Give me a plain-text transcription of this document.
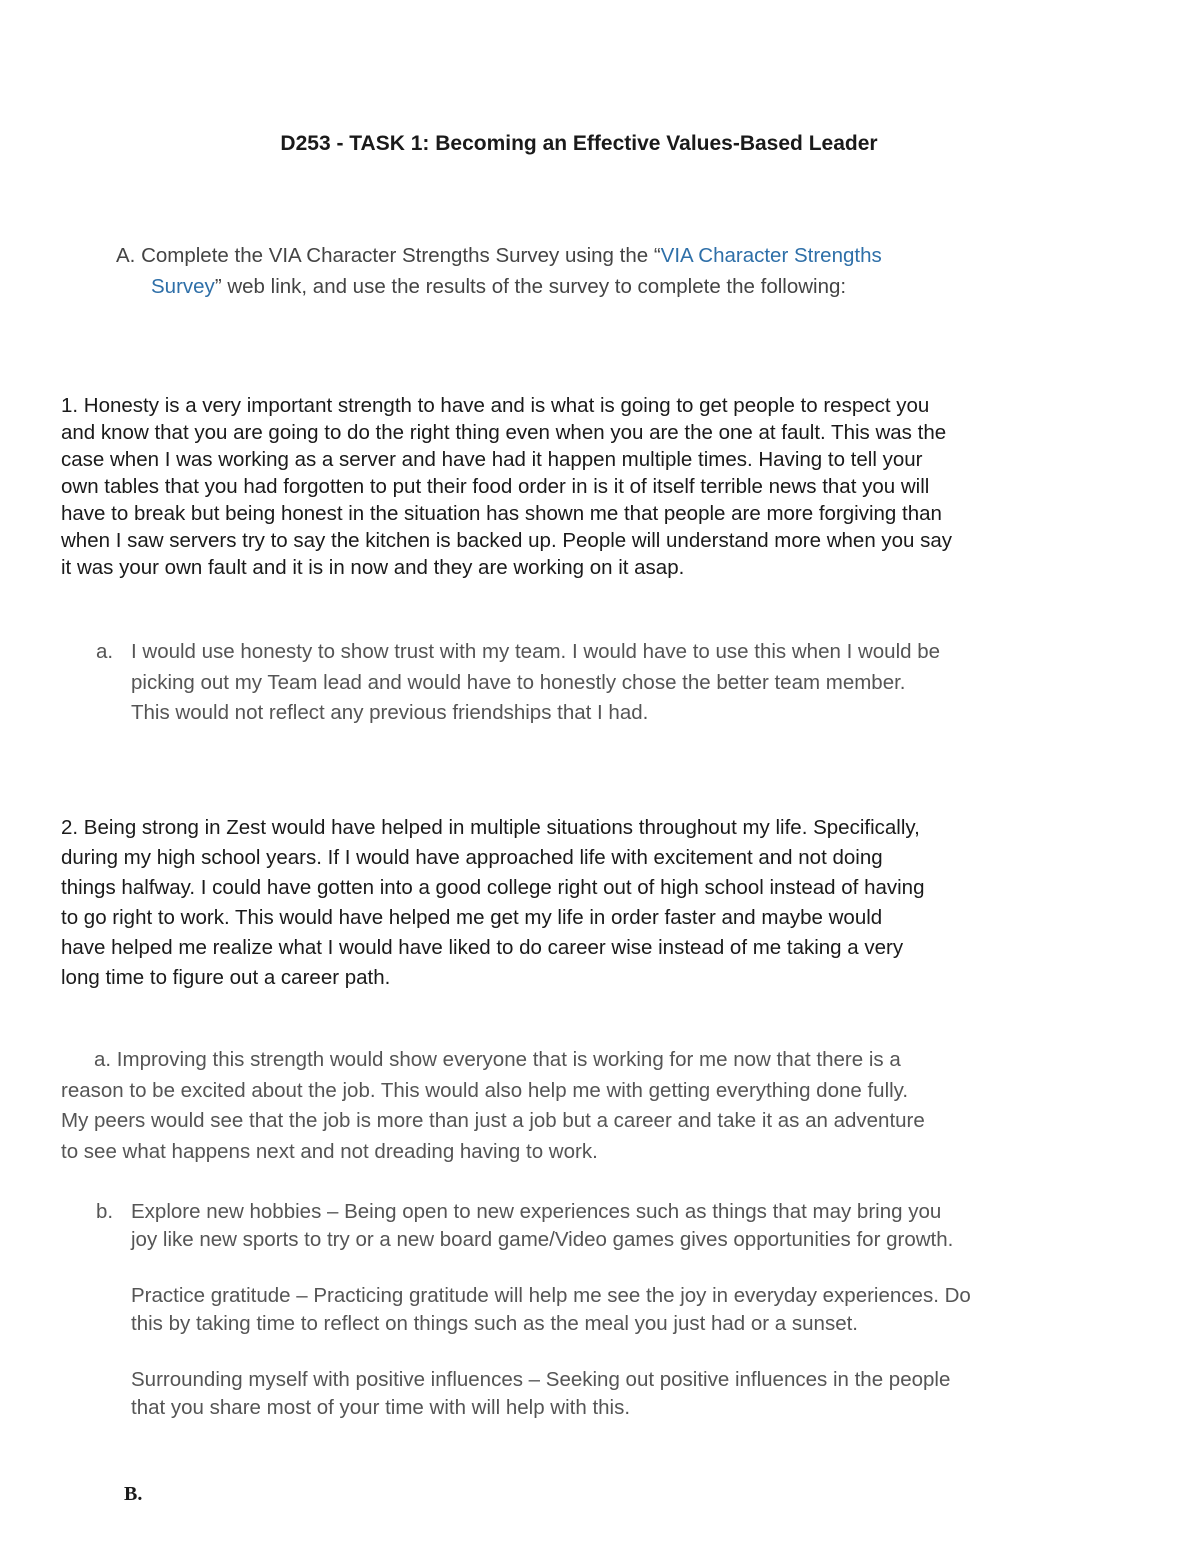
D253 - TASK 1: Becoming an Effective Values-Based Leader
A. Complete the VIA Character Strengths Survey using the “VIA Character Strengths
Survey” web link, and use the results of the survey to complete the following:
1. Honesty is a very important strength to have and is what is going to get people to respect you
and know that you are going to do the right thing even when you are the one at fault. This was the
case when I was working as a server and have had it happen multiple times. Having to tell your
own tables that you had forgotten to put their food order in is it of itself terrible news that you will
have to break but being honest in the situation has shown me that people are more forgiving than
when I saw servers try to say the kitchen is backed up. People will understand more when you say
it was your own fault and it is in now and they are working on it asap.
a. I would use honesty to show trust with my team. I would have to use this when I would be
picking out my Team lead and would have to honestly chose the better team member.
This would not reflect any previous friendships that I had.
2. Being strong in Zest would have helped in multiple situations throughout my life. Specifically,
during my high school years. If I would have approached life with excitement and not doing
things halfway. I could have gotten into a good college right out of high school instead of having
to go right to work. This would have helped me get my life in order faster and maybe would
have helped me realize what I would have liked to do career wise instead of me taking a very
long time to figure out a career path.
a. Improving this strength would show everyone that is working for me now that there is a
reason to be excited about the job. This would also help me with getting everything done fully.
My peers would see that the job is more than just a job but a career and take it as an adventure
to see what happens next and not dreading having to work.
b. Explore new hobbies – Being open to new experiences such as things that may bring you
joy like new sports to try or a new board game/Video games gives opportunities for growth.
Practice gratitude – Practicing gratitude will help me see the joy in everyday experiences. Do
this by taking time to reflect on things such as the meal you just had or a sunset.
Surrounding myself with positive influences – Seeking out positive influences in the people
that you share most of your time with will help with this.
B.
